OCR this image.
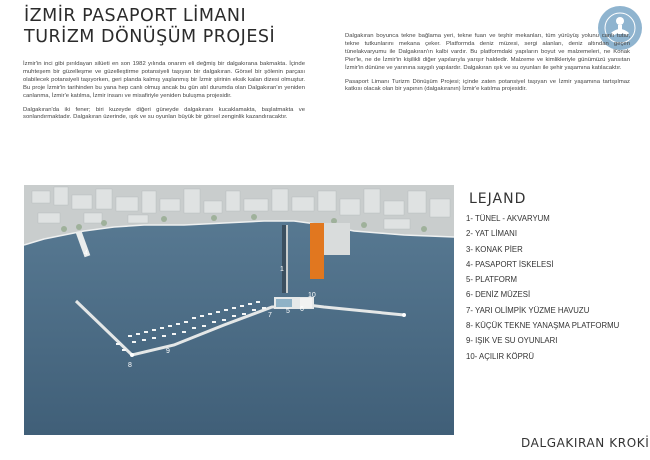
İZMİR PASAPORT LİMANI
TURİZM DÖNÜŞÜM PROJESİ

İzmir'in inci gibi pırıldayan silüeti en son 1982 yılında onarım eli değmiş bir dalgakırana bakmakta. İçinde muhteşem bir güzelleşme ve güzelleştirme potansiyeli taşıyan bir dalgakıran. Görsel bir şölenin parçası olabilecek potansiyeli taşıyorken, geri planda kalmış yaşlanmış bir İzmir şiirinin eksik kalan dizesi olmuştur. Bu proje İzmir'in tarihinden bu yana hep canlı olmuş ancak bu gün atıl durumda olan Dalgakıran'ın yeniden canlanma, İzmir'e katılma, İzmir insanı ve misafiriyle yeniden buluşma projesidir.

Dalgakıran'da iki fener; biri kuzeyde diğeri güneyde dalgakıranı kucaklamakta, başlatmakta ve sonlandırmaktadır. Dalgakıran üzerinde, ışık ve su oyunları büyük bir görsel zenginlik kazandıracaktır.

Dalgakıran boyunca tekne bağlama yeri, tekne fuarı ve teşhir mekanları, tüm yürüyüş yolunu canlı tutar, tekne tutkunlarını mekana çeker. Platformda deniz müzesi, sergi alanları, deniz altından geçen tünelakvaryumu ile Dalgakıran'ın kalbi vardır. Bu platformdaki yapıların boyut ve malzemeleri, ne Konak Pier'le, ne de İzmir'in kişilikli diğer yapılarıyla yarışır haldedir. Malzeme ve kimlikleriyle günümüzü yansıtan İzmir'in dününe ve yarınına saygılı yapılardır. Dalgakıran ışık ve su oyunları ile şehir yaşamına katılacaktır.

Pasaport Limanı Turizm Dönüşüm Projesi; içinde zaten potansiyel taşıyan ve İzmir yaşamına tartışılmaz katkısı olacak olan bir yapının (dalgakıranın) İzmir'e katılma projesidir.

1
4
5 6
7
8
9
10
LEJAND
1- TÜNEL - AKVARYUM
2- YAT LİMANI
3- KONAK PİER
4- PASAPORT İSKELESİ
5- PLATFORM
6- DENİZ MÜZESİ
7- YARI OLİMPİK YÜZME HAVUZU
8- KÜÇÜK TEKNE YANAŞMA PLATFORMU
9- IŞIK VE SU OYUNLARI
10- AÇILIR KÖPRÜ
DALGAKIRAN KROKİ
